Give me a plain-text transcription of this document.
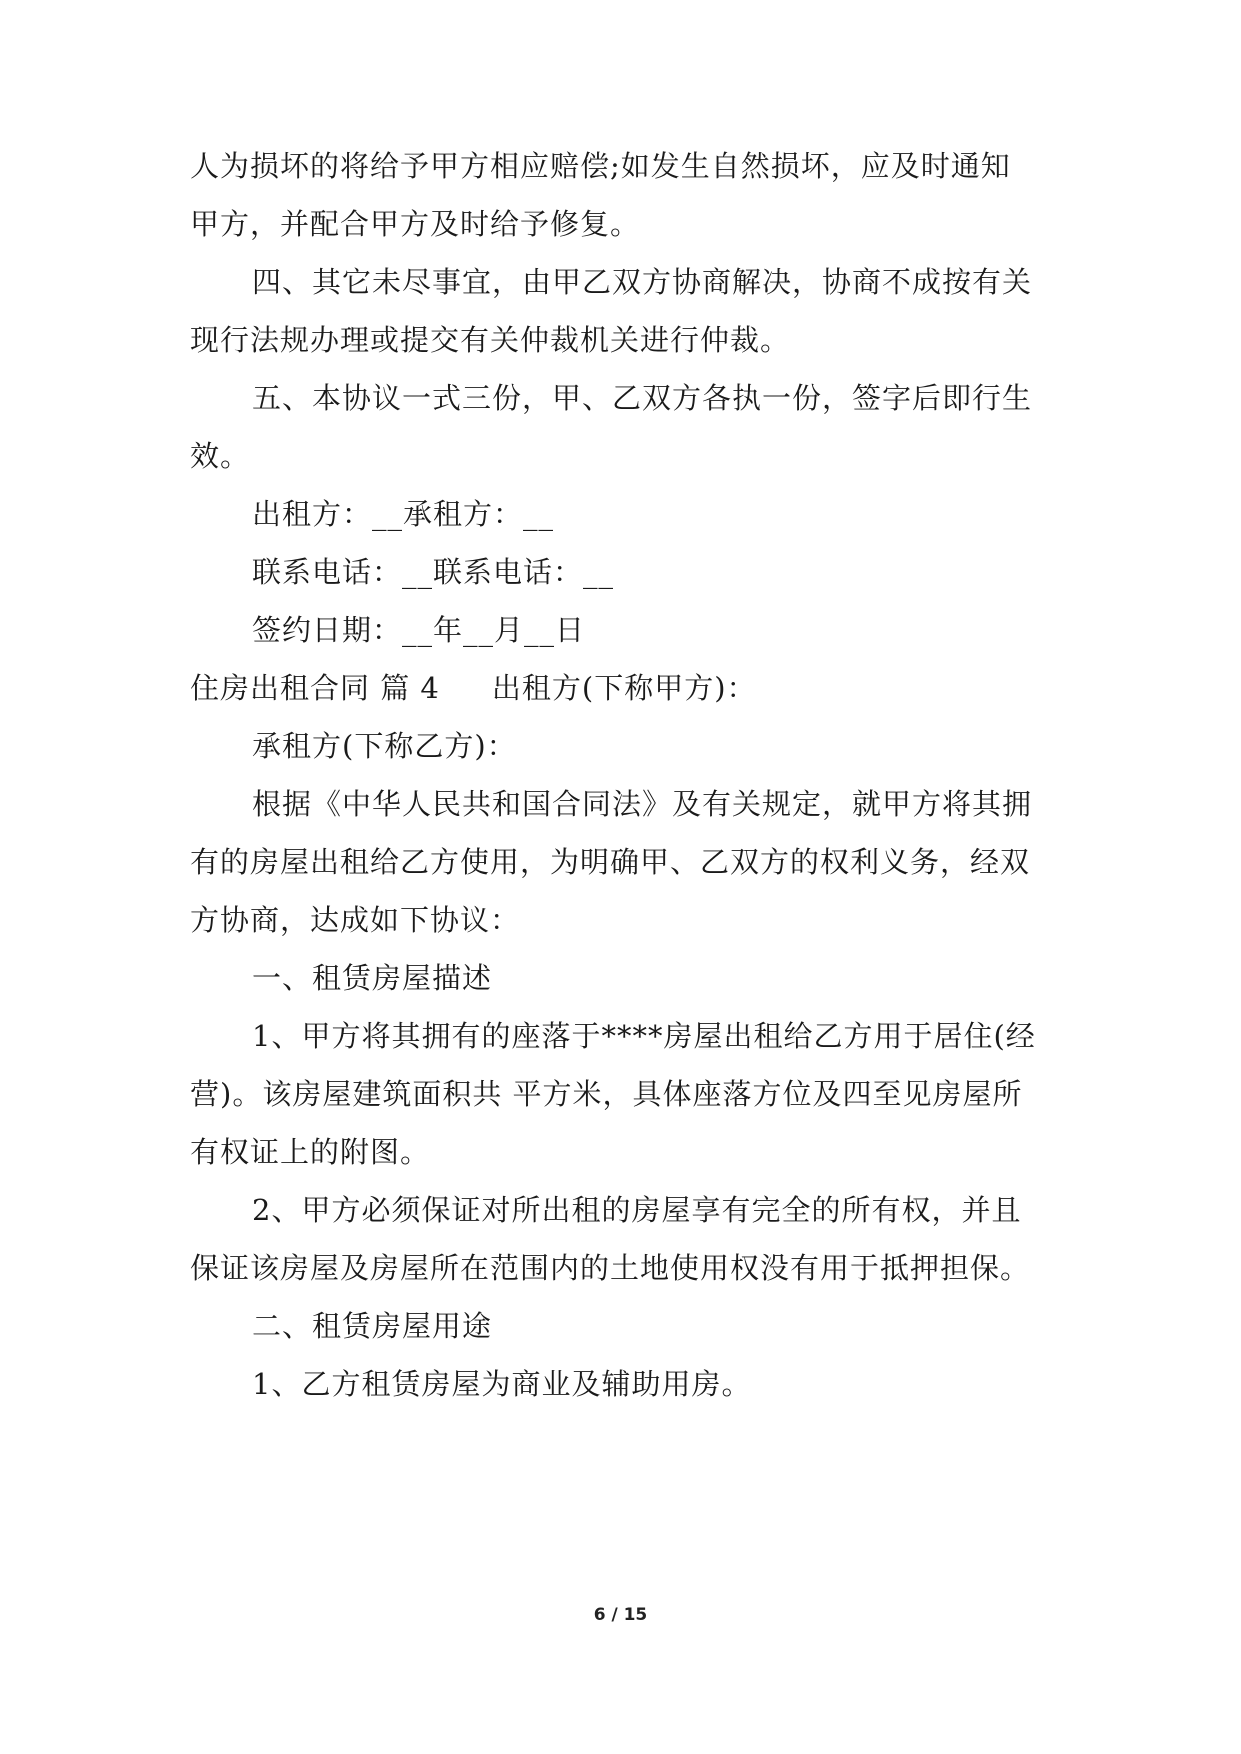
人为损坏的将给予甲方相应赔偿;如发生自然损坏，应及时通知
甲方，并配合甲方及时给予修复。
四、其它未尽事宜，由甲乙双方协商解决，协商不成按有关
现行法规办理或提交有关仲裁机关进行仲裁。
五、本协议一式三份，甲、乙双方各执一份，签字后即行生
效。
出租方：__承租方：__
联系电话：__联系电话：__
签约日期：__年__月__日
住房出租合同 篇 4 出租方(下称甲方)：
承租方(下称乙方)：
根据《中华人民共和国合同法》及有关规定，就甲方将其拥
有的房屋出租给乙方使用，为明确甲、乙双方的权利义务，经双
方协商，达成如下协议：
一、租赁房屋描述
1、甲方将其拥有的座落于****房屋出租给乙方用于居住(经
营)。该房屋建筑面积共 平方米，具体座落方位及四至见房屋所
有权证上的附图。
2、甲方必须保证对所出租的房屋享有完全的所有权，并且
保证该房屋及房屋所在范围内的土地使用权没有用于抵押担保。
二、租赁房屋用途
1、乙方租赁房屋为商业及辅助用房。
6 / 15
